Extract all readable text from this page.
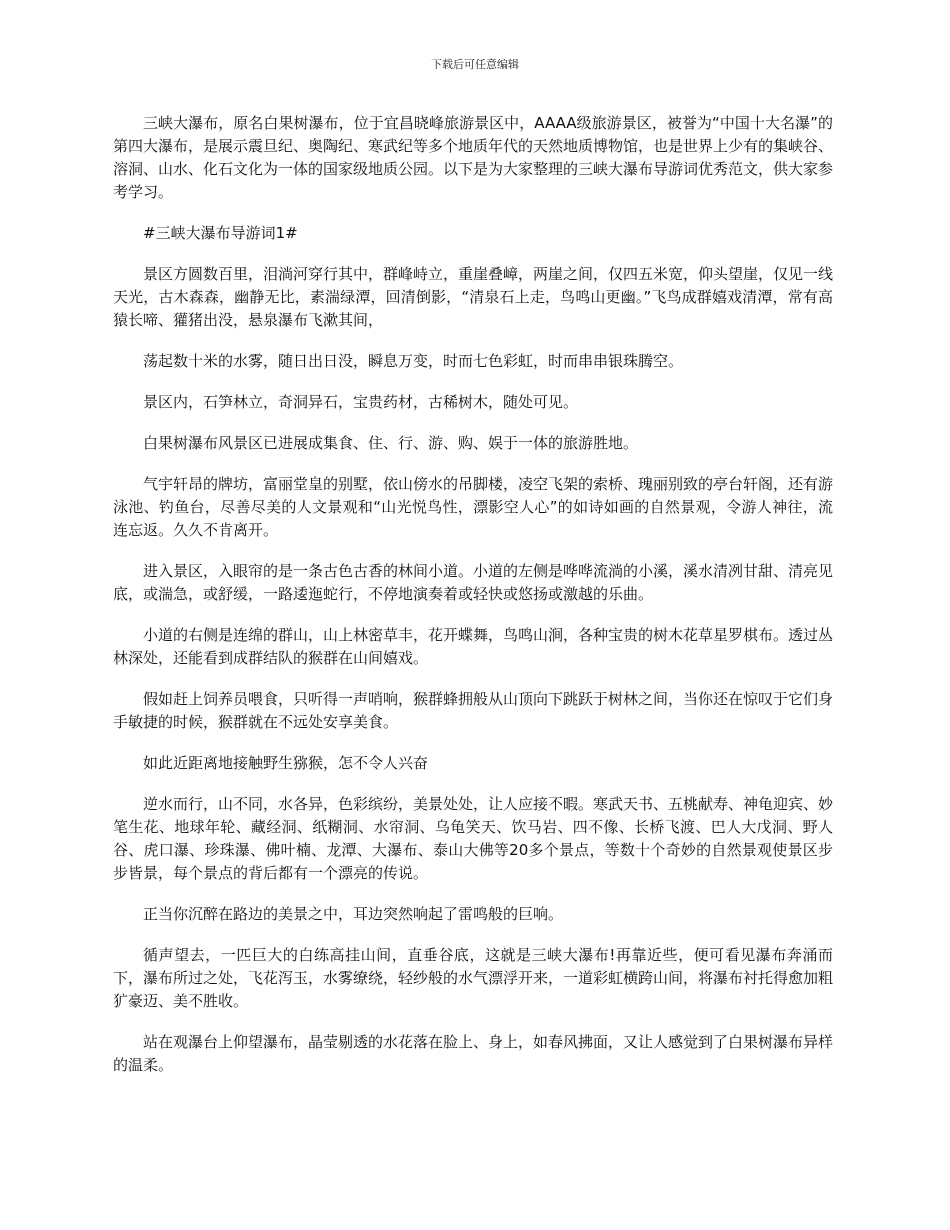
下载后可任意编辑

三峡大瀑布，原名白果树瀑布，位于宜昌晓峰旅游景区中，AAAA级旅游景区，被誉为“中国十大名瀑”的第四大瀑布，是展示震旦纪、奥陶纪、寒武纪等多个地质年代的天然地质博物馆，也是世界上少有的集峡谷、溶洞、山水、化石文化为一体的国家级地质公园。以下是为大家整理的三峡大瀑布导游词优秀范文，供大家参考学习。

#三峡大瀑布导游词1#

景区方圆数百里，泪淌河穿行其中，群峰峙立，重崖叠嶂，两崖之间，仅四五米宽，仰头望崖，仅见一线天光，古木森森，幽静无比，素湍绿潭，回清倒影，“清泉石上走，鸟鸣山更幽。”飞鸟成群嬉戏清潭，常有高猿长啼、獾猪出没，悬泉瀑布飞漱其间，

荡起数十米的水雾，随日出日没，瞬息万变，时而七色彩虹，时而串串银珠腾空。

景区内，石笋林立，奇洞异石，宝贵药材，古稀树木，随处可见。

白果树瀑布风景区已进展成集食、住、行、游、购、娱于一体的旅游胜地。

气宇轩昂的牌坊，富丽堂皇的别墅，依山傍水的吊脚楼，凌空飞架的索桥、瑰丽别致的亭台轩阁，还有游泳池、钓鱼台，尽善尽美的人文景观和“山光悦鸟性，漂影空人心”的如诗如画的自然景观，令游人神往，流连忘返。久久不肯离开。

进入景区，入眼帘的是一条古色古香的林间小道。小道的左侧是哗哗流淌的小溪，溪水清冽甘甜、清亮见底，或湍急，或舒缓，一路逶迤蛇行，不停地演奏着或轻快或悠扬或激越的乐曲。

小道的右侧是连绵的群山，山上林密草丰，花开蝶舞，鸟鸣山涧，各种宝贵的树木花草星罗棋布。透过丛林深处，还能看到成群结队的猴群在山间嬉戏。

假如赶上饲养员喂食，只听得一声哨响，猴群蜂拥般从山顶向下跳跃于树林之间，当你还在惊叹于它们身手敏捷的时候，猴群就在不远处安享美食。

如此近距离地接触野生猕猴，怎不令人兴奋

逆水而行，山不同，水各异，色彩缤纷，美景处处，让人应接不暇。寒武天书、五桃献寿、神龟迎宾、妙笔生花、地球年轮、藏经洞、纸糊洞、水帘洞、乌龟笑天、饮马岩、四不像、长桥飞渡、巴人大戊洞、野人谷、虎口瀑、珍珠瀑、佛叶楠、龙潭、大瀑布、泰山大佛等20多个景点，等数十个奇妙的自然景观使景区步步皆景，每个景点的背后都有一个漂亮的传说。

正当你沉醉在路边的美景之中，耳边突然响起了雷鸣般的巨响。

循声望去，一匹巨大的白练高挂山间，直垂谷底，这就是三峡大瀑布!再靠近些，便可看见瀑布奔涌而下，瀑布所过之处，飞花泻玉，水雾缭绕，轻纱般的水气漂浮开来，一道彩虹横跨山间，将瀑布衬托得愈加粗犷豪迈、美不胜收。

站在观瀑台上仰望瀑布，晶莹剔透的水花落在脸上、身上，如春风拂面，又让人感觉到了白果树瀑布异样的温柔。
